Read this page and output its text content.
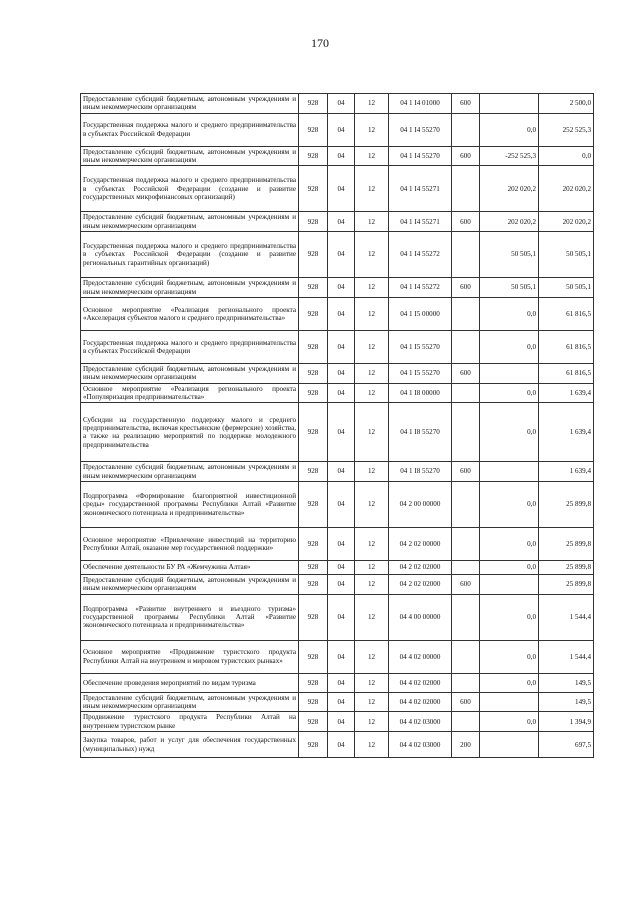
170
Предоставление субсидий бюджетным, автономным учреждениям и иным некоммерческим организациям	928	04	12	04 1 I4 01000	600		2 500,0
Государственная поддержка малого и среднего предпринимательства в субъектах Российской Федерации	928	04	12	04 1 I4 55270		0,0	252 525,3
Предоставление субсидий бюджетным, автономным учреждениям и иным некоммерческим организациям	928	04	12	04 1 I4 55270	600	-252 525,3	0,0
Государственная поддержка малого и среднего предпринимательства в субъектах Российской Федерации (создание и развитие государственных микрофинансовых организаций)	928	04	12	04 1 I4 55271		202 020,2	202 020,2
Предоставление субсидий бюджетным, автономным учреждениям и иным некоммерческим организациям	928	04	12	04 1 I4 55271	600	202 020,2	202 020,2
Государственная поддержка малого и среднего предпринимательства в субъектах Российской Федерации (создание и развитие региональных гарантийных организаций)	928	04	12	04 1 I4 55272		50 505,1	50 505,1
Предоставление субсидий бюджетным, автономным учреждениям и иным некоммерческим организациям	928	04	12	04 1 I4 55272	600	50 505,1	50 505,1
Основное мероприятие «Реализация регионального проекта «Акселерация субъектов малого и среднего предпринимательства»	928	04	12	04 1 I5 00000		0,0	61 816,5
Государственная поддержка малого и среднего предпринимательства в субъектах Российской Федерации	928	04	12	04 1 I5 55270		0,0	61 816,5
Предоставление субсидий бюджетным, автономным учреждениям и иным некоммерческим организациям	928	04	12	04 1 I5 55270	600		61 816,5
Основное мероприятие «Реализация регионального проекта «Популяризация предпринимательства»	928	04	12	04 1 I8 00000		0,0	1 639,4
Субсидии на государственную поддержку малого и среднего предпринимательства, включая крестьянские (фермерские) хозяйства, а также на реализацию мероприятий по поддержке молодежного предпринимательства	928	04	12	04 1 I8 55270		0,0	1 639,4
Предоставление субсидий бюджетным, автономным учреждениям и иным некоммерческим организациям	928	04	12	04 1 I8 55270	600		1 639,4
Подпрограмма «Формирование благоприятной инвестиционной среды» государственной программы Республики Алтай «Развитие экономического потенциала и предпринимательства»	928	04	12	04 2 00 00000		0,0	25 899,8
Основное мероприятие «Привлечение инвестиций на территорию Республики Алтай, оказание мер государственной поддержки»	928	04	12	04 2 02 00000		0,0	25 899,8
Обеспечение деятельности БУ РА «Жемчужина Алтая»	928	04	12	04 2 02 02000		0,0	25 899,8
Предоставление субсидий бюджетным, автономным учреждениям и иным некоммерческим организациям	928	04	12	04 2 02 02000	600		25 899,8
Подпрограмма «Развитие внутреннего и въездного туризма» государственной программы Республики Алтай «Развитие экономического потенциала и предпринимательства»	928	04	12	04 4 00 00000		0,0	1 544,4
Основное мероприятие «Продвижение туристского продукта Республики Алтай на внутреннем и мировом туристских рынках»	928	04	12	04 4 02 00000		0,0	1 544,4
Обеспечение проведения мероприятий по видам туризма	928	04	12	04 4 02 02000		0,0	149,5
Предоставление субсидий бюджетным, автономным учреждениям и иным некоммерческим организациям	928	04	12	04 4 02 02000	600		149,5
Продвижение туристского продукта Республики Алтай на внутреннем туристском рынке	928	04	12	04 4 02 03000		0,0	1 394,9
Закупка товаров, работ и услуг для обеспечения государственных (муниципальных) нужд	928	04	12	04 4 02 03000	200		697,5
